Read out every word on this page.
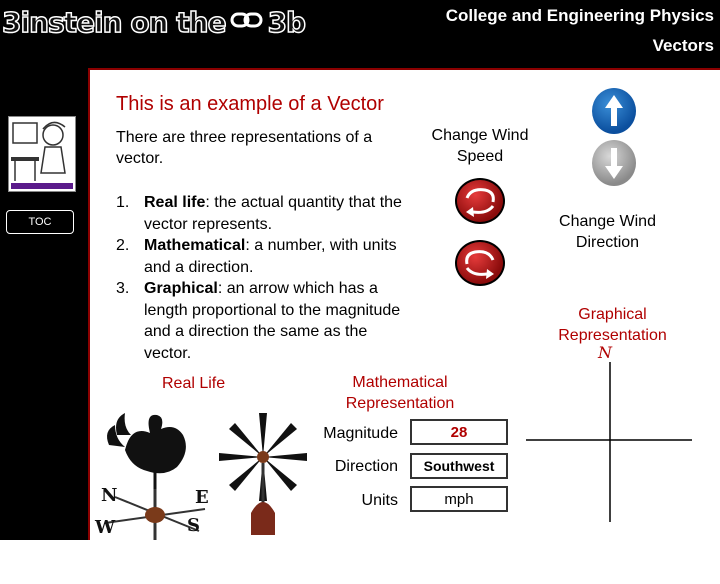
3instein on the 3b	College and Engineering Physics
Vectors
TOC
3
This is an example of a Vector
There are three representations of a vector.
1. Real life: the actual quantity that the vector represents.
2. Mathematical: a number, with units and a direction.
3. Graphical: an arrow which has a length proportional to the magnitude and a direction the same as the vector.
Change Wind Speed
Change Wind Direction
Graphical Representation
N
Real Life
N	E
S
W
Mathematical Representation
Magnitude	28
Direction	Southwest
Units	mph
